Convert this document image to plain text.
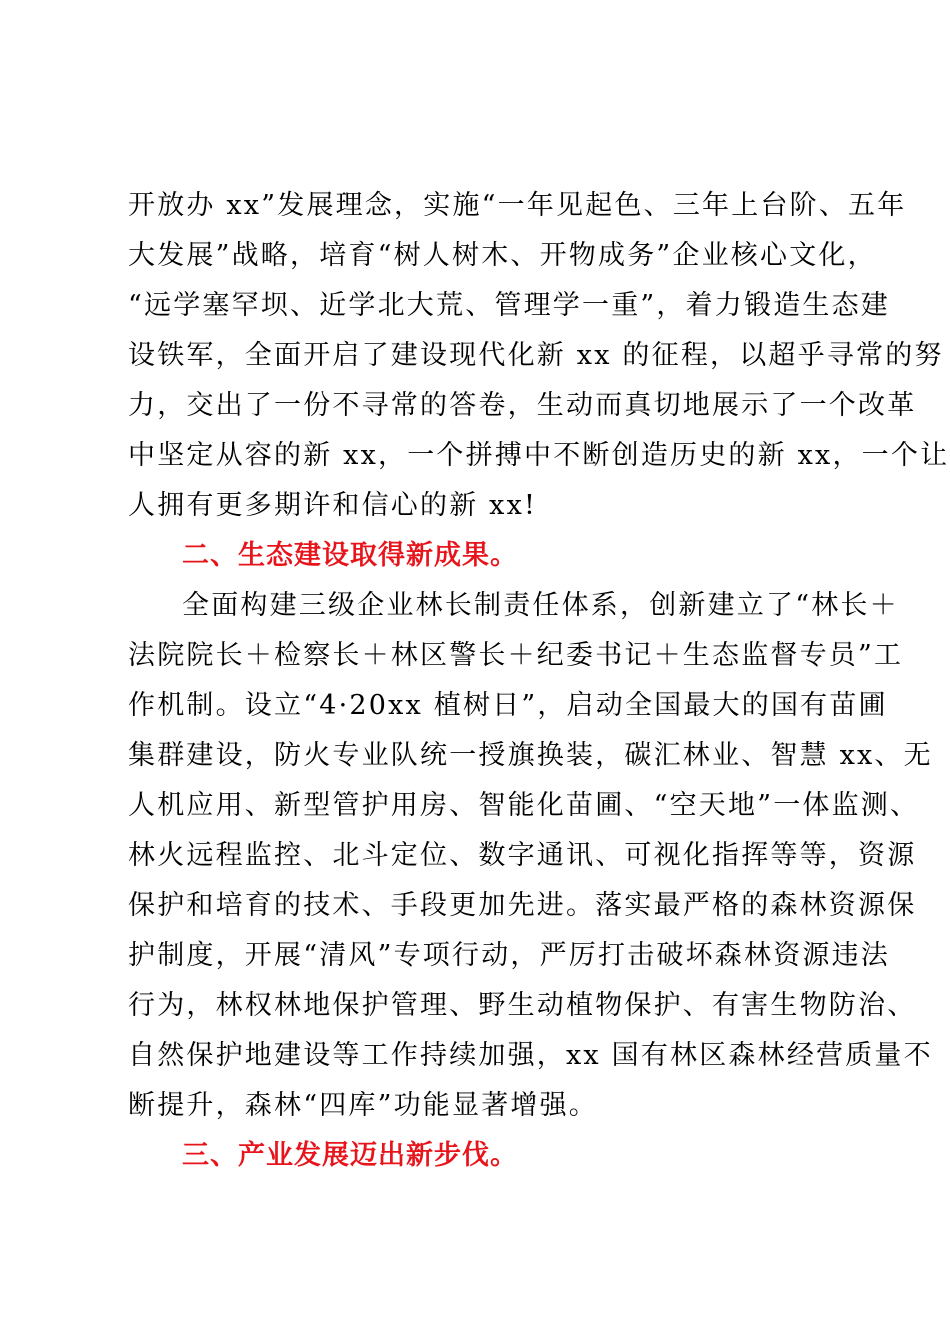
开放办 xx”发展理念，实施“一年见起色、三年上台阶、五年
大发展”战略，培育“树人树木、开物成务”企业核心文化，
“远学塞罕坝、近学北大荒、管理学一重”，着力锻造生态建
设铁军，全面开启了建设现代化新 xx 的征程，以超乎寻常的努
力，交出了一份不寻常的答卷，生动而真切地展示了一个改革
中坚定从容的新 xx，一个拼搏中不断创造历史的新 xx，一个让
人拥有更多期许和信心的新 xx!
二、生态建设取得新成果。
全面构建三级企业林长制责任体系，创新建立了“林长＋
法院院长＋检察长＋林区警长＋纪委书记＋生态监督专员”工
作机制。设立“4·20xx 植树日”，启动全国最大的国有苗圃
集群建设，防火专业队统一授旗换装，碳汇林业、智慧 xx、无
人机应用、新型管护用房、智能化苗圃、“空天地”一体监测、
林火远程监控、北斗定位、数字通讯、可视化指挥等等，资源
保护和培育的技术、手段更加先进。落实最严格的森林资源保
护制度，开展“清风”专项行动，严厉打击破坏森林资源违法
行为，林权林地保护管理、野生动植物保护、有害生物防治、
自然保护地建设等工作持续加强，xx 国有林区森林经营质量不
断提升，森林“四库”功能显著增强。
三、产业发展迈出新步伐。
